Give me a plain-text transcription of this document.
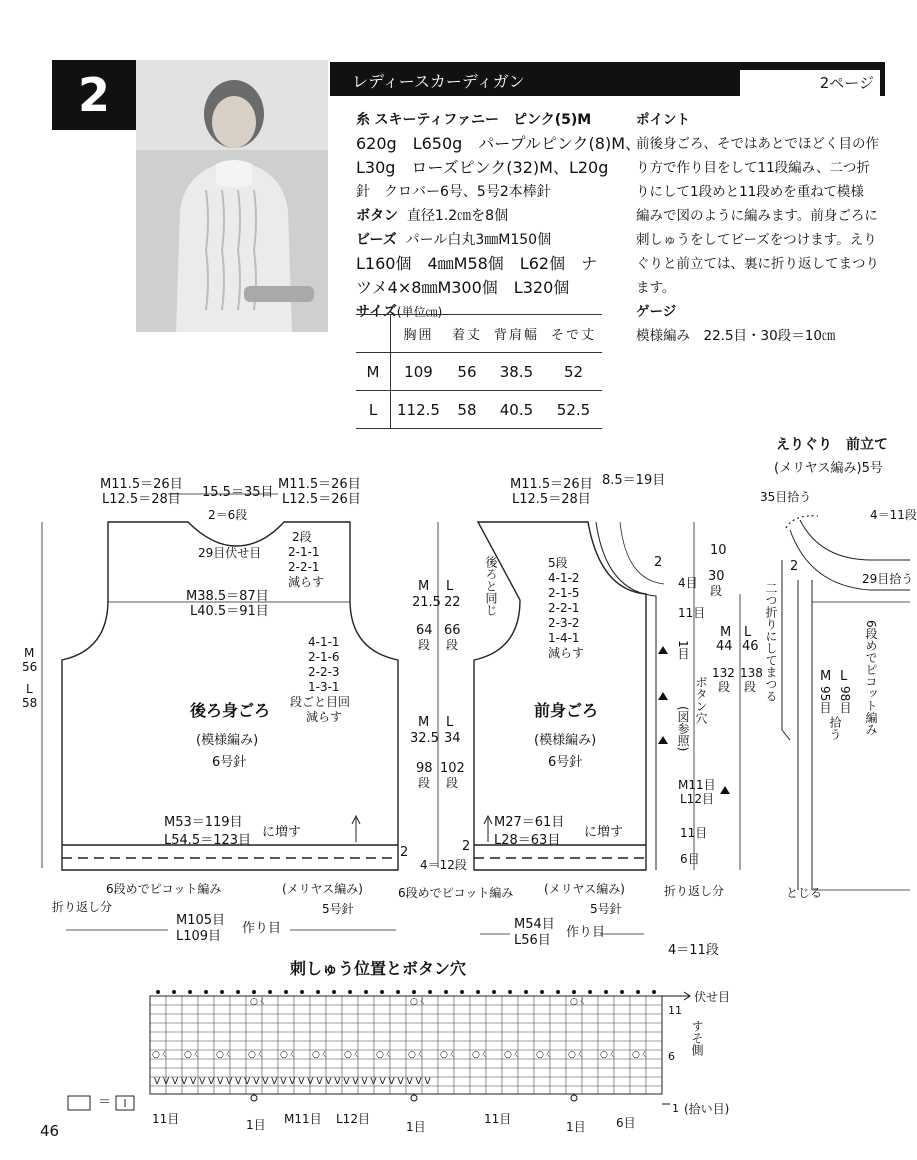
2	レディースカーディガン	2ページ
糸 スキーティファニー　ピンク(5)M
620g　L650g　パープルピンク(8)M、
L30g　ローズピンク(32)M、L20g
針　クロバー6号、5号2本棒針
ボタン 直径1.2㎝を8個
ビーズ パール白丸3㎜M150個
L160個　4㎜M58個　L62個　ナ
ツメ4×8㎜M300個　L320個
サイズ(単位㎝)
	胸囲	着丈	背肩幅	そで丈
M	109	56	38.5	52
L	112.5	58	40.5	52.5
ポイント
前後身ごろ、そではあとでほどく目の作
り方で作り目をして11段編み、二つ折
りにして1段めと11段めを重ねて模様
編みで図のように編みます。前身ごろに
刺しゅうをしてビーズをつけます。えり
ぐりと前立ては、裏に折り返してまつり
ます。
ゲージ
模様編み　22.5目・30段＝10㎝
○ㄑ	○ㄑ	○ㄑ
○ㄑ ○ㄑ ○ㄑ ○ㄑ ○ㄑ ○ㄑ ○ㄑ ○ㄑ ○ㄑ ○ㄑ ○ㄑ ○ㄑ ○ㄑ ○ㄑ ○ㄑ ○ㄑ
V V V V V V V V V V V V V V V V V V V V V V V V V V V V V V V
M11.5＝26目
L12.5＝28目 15.5＝35目
M11.5＝26目
L12.5＝26目
2＝6段
29目伏せ目
2段
2-1-1
2-2-1
減らす
M38.5＝87目
L40.5＝91目
4-1-1
2-1-6
2-2-3
1-3-1
段ごと目回
減らす
M
56
L
58	後ろ身ごろ
(模様編み)
6号針
M53＝119目
L54.5＝123目
に増す
2
6段めでピコット編み	(メリヤス編み)
5号針
折り返し分
M105目
L109目
作り目
M11.5＝26目
L12.5＝28目
8.5＝19目
M L
21.5 22
64 66
段 段
M L
32.5 34
98 102
段 段
後ろと同じ	5段
4-1-2
2-1-5
2-2-1
2-3-2
1-4-1
減らす
2
前身ごろ
(模様編み)
6号針
4目
11目
1目
ボタン穴
(図参照)
M11目
L12目
11目
6目
M27＝61目
L28＝63目
に増す
2
4＝12段
6段めでピコット編み	(メリヤス編み)
5号針
折り返し分
M54目
L56目
作り目
4＝11段
10
30
段
M L
44 46
132 138
段 段
えりぐり　前立て
(メリヤス編み)5号
35目拾う
4＝11段
29目拾う
二つ折りにしてまつる
2
6段めでピコット編み
M L
95目 98目
拾う
とじる
刺しゅう位置とボタン穴
伏せ目
11
すそ側
6
1 (拾い目)
＝
11目	1目 M11目 L12目
1目
11目
1目	6目
46
